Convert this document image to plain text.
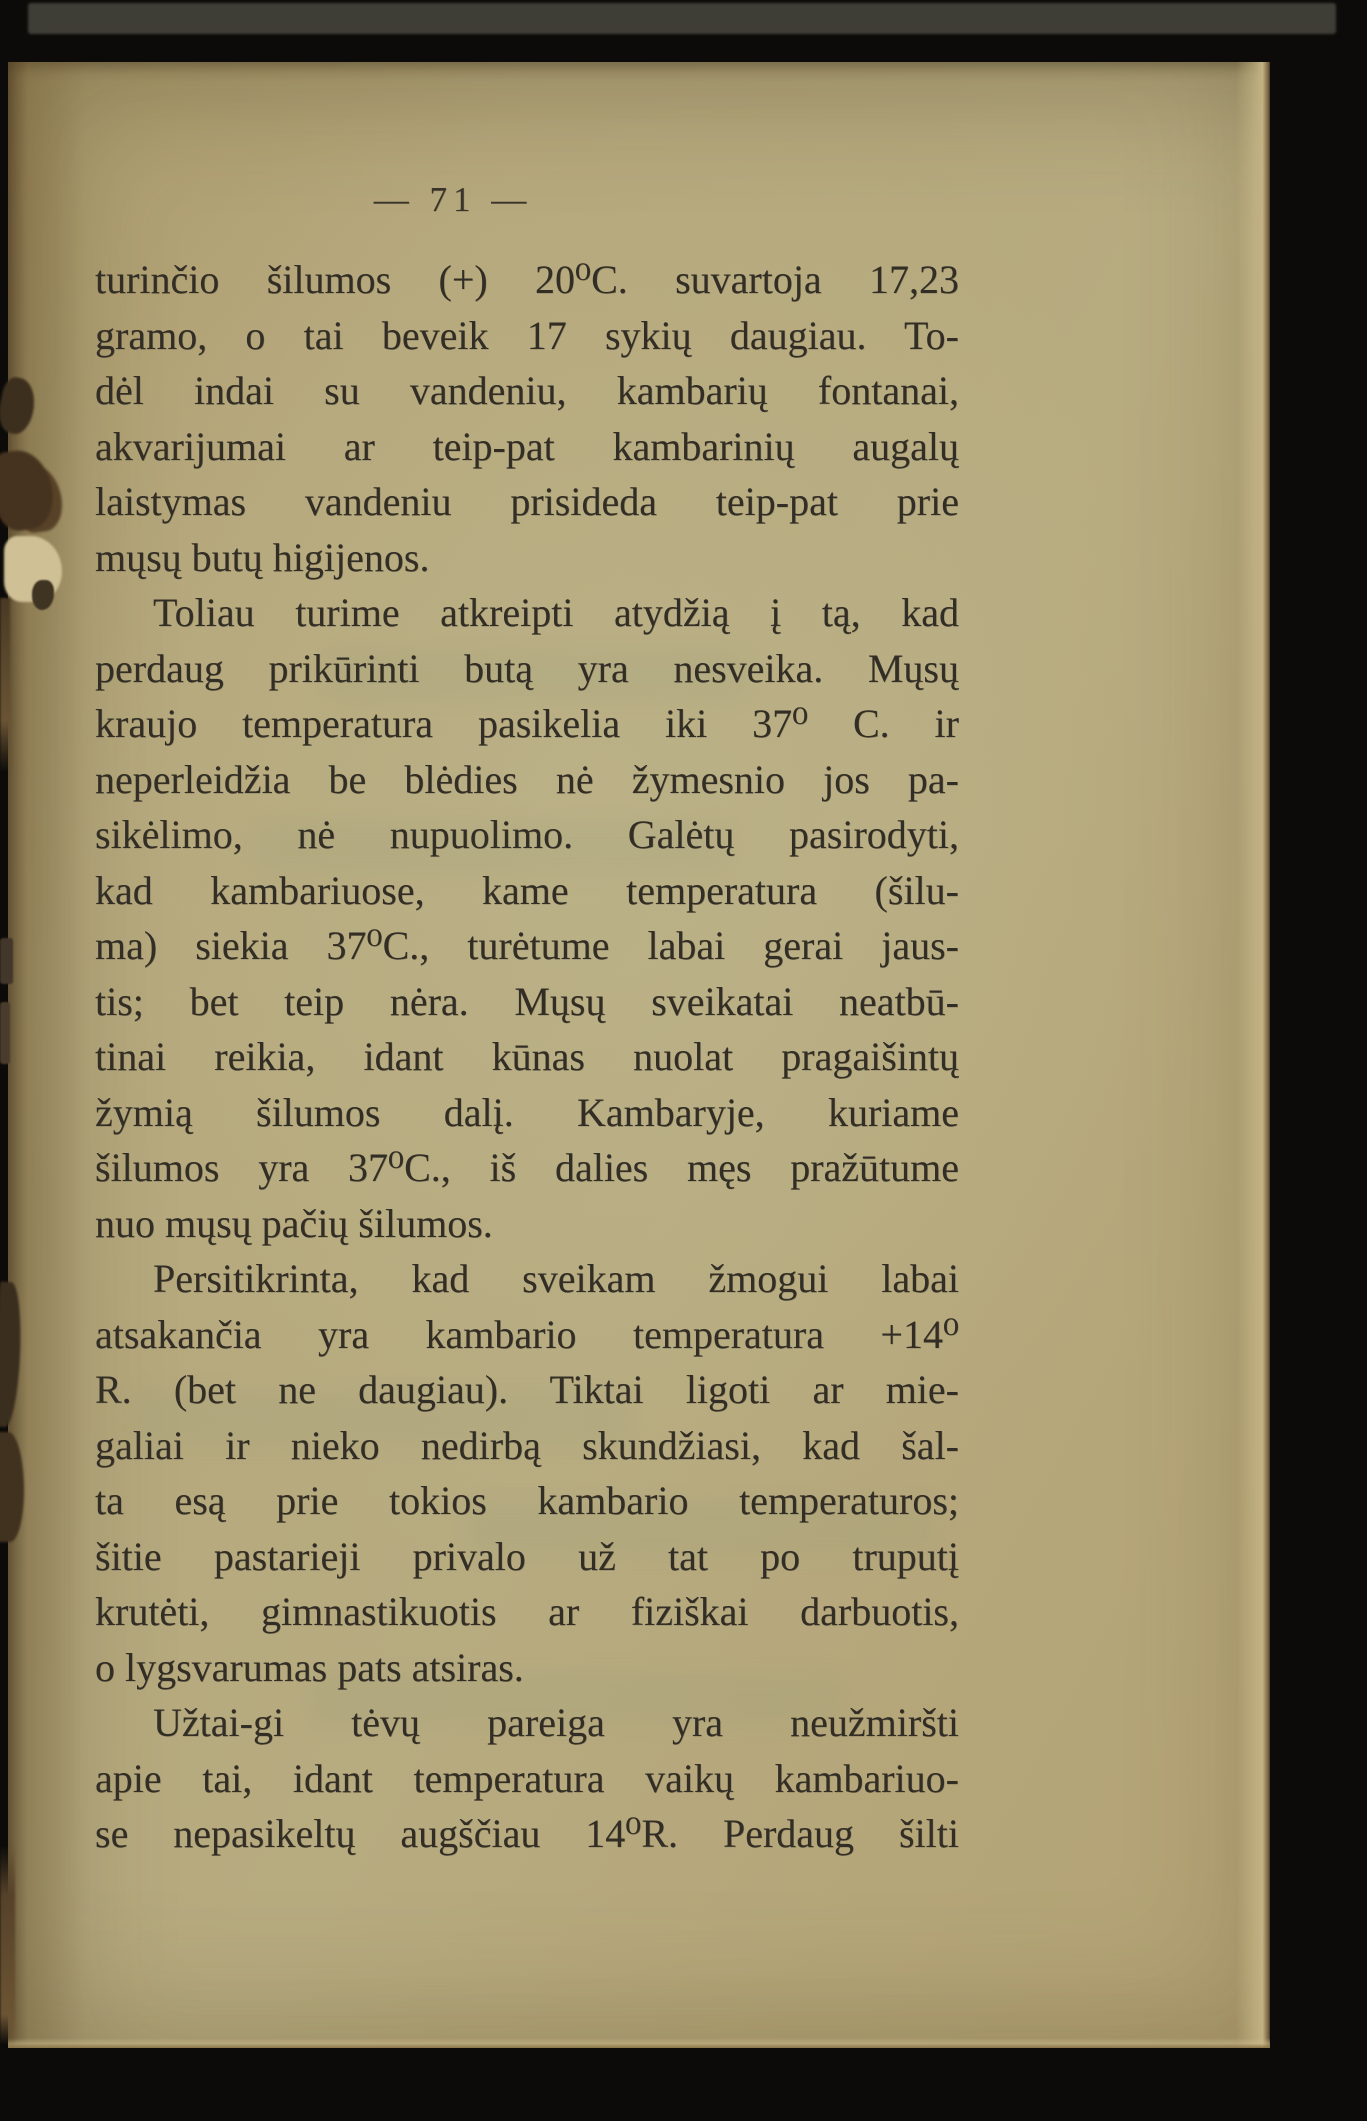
— 71 —
turinčio šilumos (+) 20⁰C. suvartoja 17,23
gramo, o tai beveik 17 sykių daugiau. To-
dėl indai su vandeniu, kambarių fontanai,
akvarijumai ar teip-pat kambarinių augalų
laistymas vandeniu prisideda teip-pat prie
mųsų butų higijenos.
Toliau turime atkreipti atydžią į tą, kad
perdaug prikūrinti butą yra nesveika. Mųsų
kraujo temperatura pasikelia iki 37⁰ C. ir
neperleidžia be blėdies nė žymesnio jos pa-
sikėlimo, nė nupuolimo. Galėtų pasirodyti,
kad kambariuose, kame temperatura (šilu-
ma) siekia 37⁰C., turėtume labai gerai jaus-
tis; bet teip nėra. Mųsų sveikatai neatbū-
tinai reikia, idant kūnas nuolat pragaišintų
žymią šilumos dalį. Kambaryje, kuriame
šilumos yra 37⁰C., iš dalies męs pražūtume
nuo mųsų pačių šilumos.
Persitikrinta, kad sveikam žmogui labai
atsakančia yra kambario temperatura +14⁰
R. (bet ne daugiau). Tiktai ligoti ar mie-
galiai ir nieko nedirbą skundžiasi, kad šal-
ta esą prie tokios kambario temperaturos;
šitie pastarieji privalo už tat po truputį
krutėti, gimnastikuotis ar fiziškai darbuotis,
o lygsvarumas pats atsiras.
Užtai-gi tėvų pareiga yra neužmiršti
apie tai, idant temperatura vaikų kambariuo-
se nepasikeltų augščiau 14⁰R. Perdaug šilti
